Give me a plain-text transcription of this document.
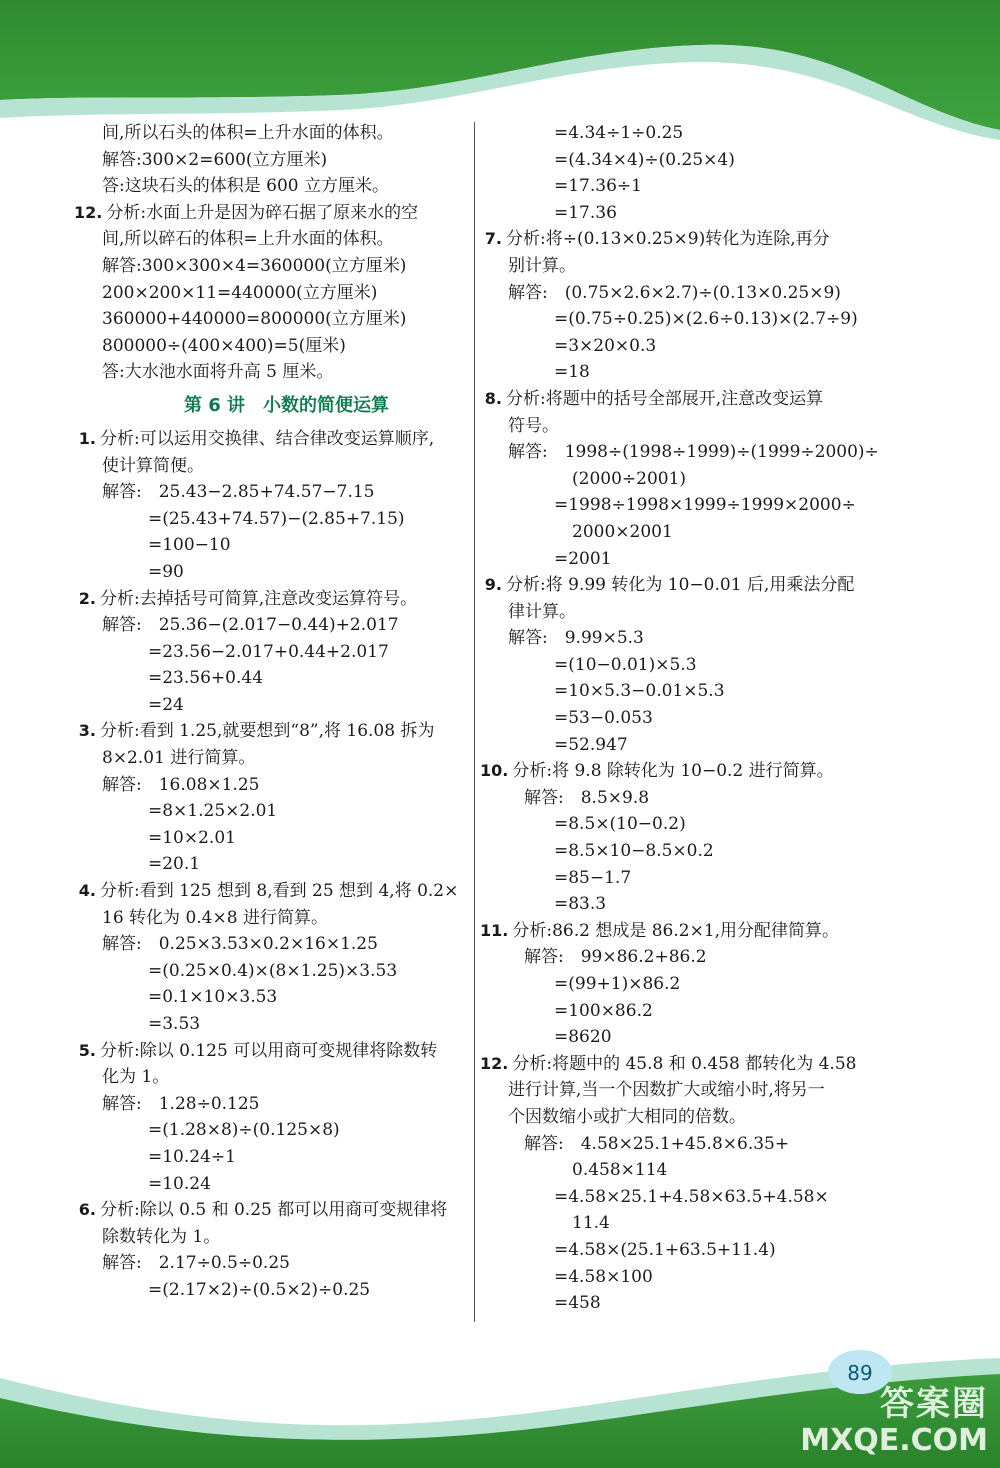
间,所以石头的体积=上升水面的体积。
解答:300×2=600(立方厘米)
答:这块石头的体积是 600 立方厘米。
12. 分析:水面上升是因为碎石据了原来水的空
间,所以碎石的体积=上升水面的体积。
解答:300×300×4=360000(立方厘米)
200×200×11=440000(立方厘米)
360000+440000=800000(立方厘米)
800000÷(400×400)=5(厘米)
答:大水池水面将升高 5 厘米。
第 6 讲　小数的简便运算
1. 分析:可以运用交换律、结合律改变运算顺序,
使计算简便。
解答:　25.43−2.85+74.57−7.15
=(25.43+74.57)−(2.85+7.15)
=100−10
=90
2. 分析:去掉括号可简算,注意改变运算符号。
解答:　25.36−(2.017−0.44)+2.017
=23.56−2.017+0.44+2.017
=23.56+0.44
=24
3. 分析:看到 1.25,就要想到“8”,将 16.08 拆为
8×2.01 进行简算。
解答:　16.08×1.25
=8×1.25×2.01
=10×2.01
=20.1
4. 分析:看到 125 想到 8,看到 25 想到 4,将 0.2×
16 转化为 0.4×8 进行简算。
解答:　0.25×3.53×0.2×16×1.25
=(0.25×0.4)×(8×1.25)×3.53
=0.1×10×3.53
=3.53
5. 分析:除以 0.125 可以用商可变规律将除数转
化为 1。
解答:　1.28÷0.125
=(1.28×8)÷(0.125×8)
=10.24÷1
=10.24
6. 分析:除以 0.5 和 0.25 都可以用商可变规律将
除数转化为 1。
解答:　2.17÷0.5÷0.25
=(2.17×2)÷(0.5×2)÷0.25
=4.34÷1÷0.25
=(4.34×4)÷(0.25×4)
=17.36÷1
=17.36
7. 分析:将÷(0.13×0.25×9)转化为连除,再分
别计算。
解答:　(0.75×2.6×2.7)÷(0.13×0.25×9)
=(0.75÷0.25)×(2.6÷0.13)×(2.7÷9)
=3×20×0.3
=18
8. 分析:将题中的括号全部展开,注意改变运算
符号。
解答:　1998÷(1998÷1999)÷(1999÷2000)÷
(2000÷2001)
=1998÷1998×1999÷1999×2000÷
2000×2001
=2001
9. 分析:将 9.99 转化为 10−0.01 后,用乘法分配
律计算。
解答:　9.99×5.3
=(10−0.01)×5.3
=10×5.3−0.01×5.3
=53−0.053
=52.947
10. 分析:将 9.8 除转化为 10−0.2 进行简算。
解答:　8.5×9.8
=8.5×(10−0.2)
=8.5×10−8.5×0.2
=85−1.7
=83.3
11. 分析:86.2 想成是 86.2×1,用分配律简算。
解答:　99×86.2+86.2
=(99+1)×86.2
=100×86.2
=8620
12. 分析:将题中的 45.8 和 0.458 都转化为 4.58
进行计算,当一个因数扩大或缩小时,将另一
个因数缩小或扩大相同的倍数。
解答:　4.58×25.1+45.8×6.35+
0.458×114
=4.58×25.1+4.58×63.5+4.58×
11.4
=4.58×(25.1+63.5+11.4)
=4.58×100
=458
89
答案圈
MXQE.COM
